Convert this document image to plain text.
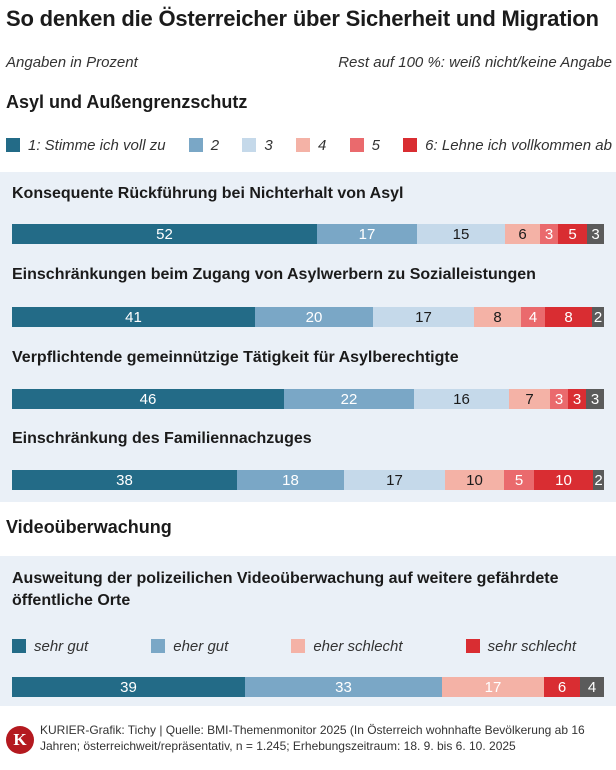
So denken die Österreicher über Sicherheit und Migration
Angaben in Prozent	Rest auf 100 %: weiß nicht/keine Angabe
Asyl und Außengrenzschutz
1: Stimme ich voll zu	2	3	4	5	6: Lehne ich vollkommen ab
Konsequente Rückführung bei Nichterhalt von Asyl
52	17	15	6	3	5 3
Einschränkungen beim Zugang von Asylwerbern zu Sozialleistungen
41	20	17	8	4	8	2
Verpflichtende gemeinnützige Tätigkeit für Asylberechtigte
46	22	16	7	3 3 3
Einschränkung des Familiennachzuges
38	18	17	10	5	10	2
Videoüberwachung
Ausweitung der polizeilichen Videoüberwachung auf weitere gefährdete öffentliche Orte
sehr gut	eher gut	eher schlecht	sehr schlecht
39	33	17	6	4
K	KURIER-Grafik: Tichy | Quelle: BMI-Themenmonitor 2025 (In Österreich wohnhafte Bevölkerung ab 16 Jahren; österreichweit/repräsentativ, n = 1.245; Erhebungszeitraum: 18. 9. bis 6. 10. 2025
